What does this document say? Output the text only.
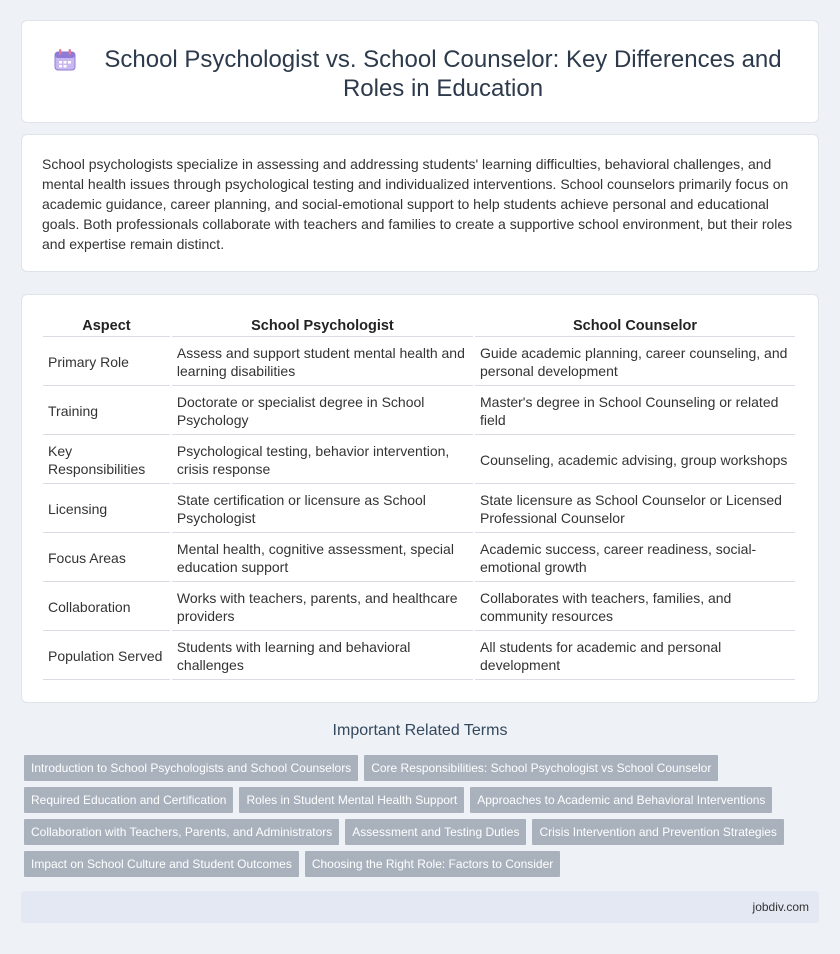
School Psychologist vs. School Counselor: Key Differences and Roles in Education

School psychologists specialize in assessing and addressing students' learning difficulties, behavioral challenges, and mental health issues through psychological testing and individualized interventions. School counselors primarily focus on academic guidance, career planning, and social-emotional support to help students achieve personal and educational goals. Both professionals collaborate with teachers and families to create a supportive school environment, but their roles and expertise remain distinct.

Aspect	School Psychologist	School Counselor
Primary Role	Assess and support student mental health and learning disabilities	Guide academic planning, career counseling, and personal development
Training	Doctorate or specialist degree in School Psychology	Master's degree in School Counseling or related field
Key Responsibilities	Psychological testing, behavior intervention, crisis response	Counseling, academic advising, group workshops
Licensing	State certification or licensure as School Psychologist	State licensure as School Counselor or Licensed Professional Counselor
Focus Areas	Mental health, cognitive assessment, special education support	Academic success, career readiness, social-emotional growth
Collaboration	Works with teachers, parents, and healthcare providers	Collaborates with teachers, families, and community resources
Population Served	Students with learning and behavioral challenges	All students for academic and personal development
Important Related Terms
Introduction to School Psychologists and School Counselors	Core Responsibilities: School Psychologist vs School Counselor
Required Education and Certification	Roles in Student Mental Health Support	Approaches to Academic and Behavioral Interventions
Collaboration with Teachers, Parents, and Administrators	Assessment and Testing Duties	Crisis Intervention and Prevention Strategies
Impact on School Culture and Student Outcomes	Choosing the Right Role: Factors to Consider
jobdiv.com
